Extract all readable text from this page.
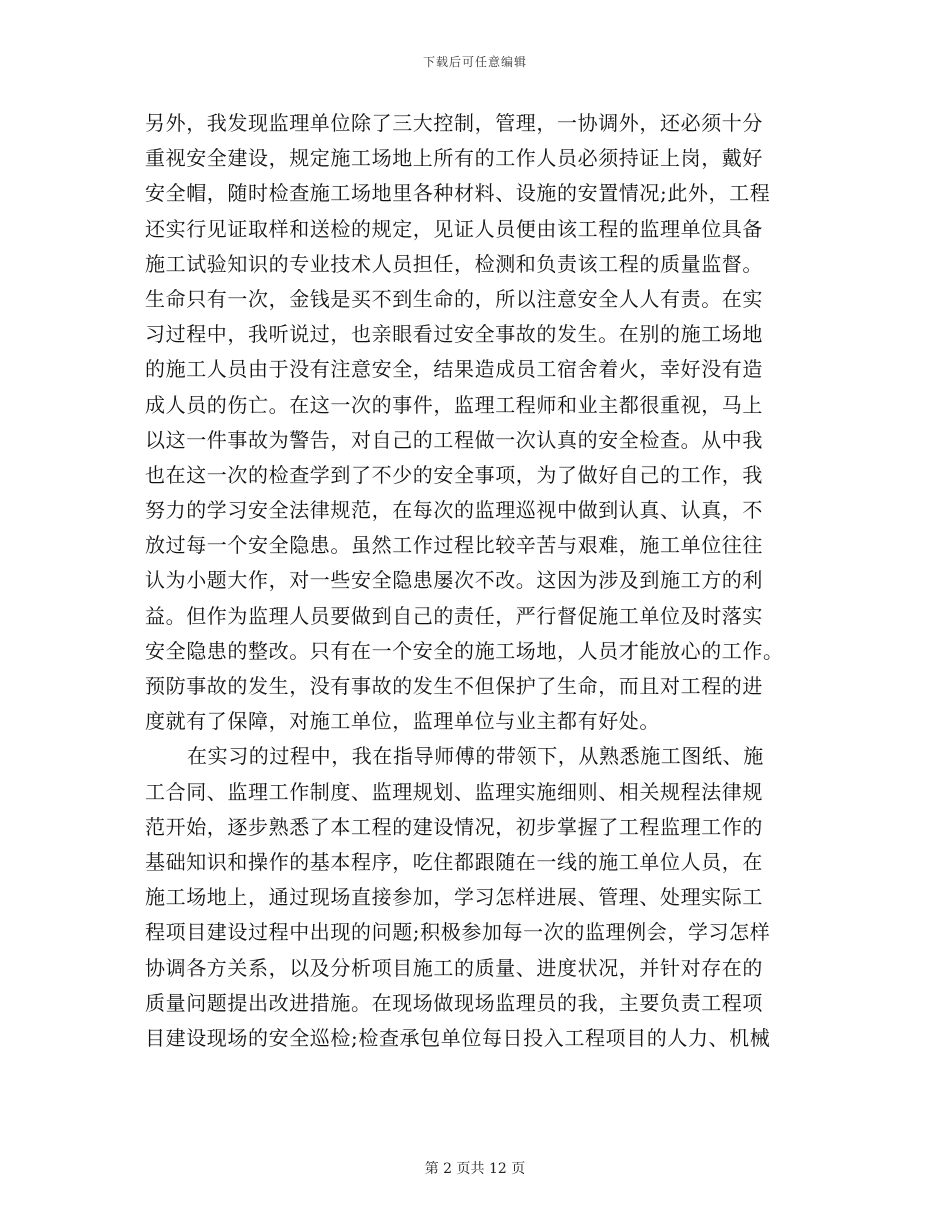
下载后可任意编辑
另外，我发现监理单位除了三大控制，管理，一协调外，还必须十分
重视安全建设，规定施工场地上所有的工作人员必须持证上岗，戴好
安全帽，随时检查施工场地里各种材料、设施的安置情况;此外，工程
还实行见证取样和送检的规定，见证人员便由该工程的监理单位具备
施工试验知识的专业技术人员担任，检测和负责该工程的质量监督。
生命只有一次，金钱是买不到生命的，所以注意安全人人有责。在实
习过程中，我听说过，也亲眼看过安全事故的发生。在别的施工场地
的施工人员由于没有注意安全，结果造成员工宿舍着火，幸好没有造
成人员的伤亡。在这一次的事件，监理工程师和业主都很重视，马上
以这一件事故为警告，对自己的工程做一次认真的安全检查。从中我
也在这一次的检查学到了不少的安全事项，为了做好自己的工作，我
努力的学习安全法律规范，在每次的监理巡视中做到认真、认真，不
放过每一个安全隐患。虽然工作过程比较辛苦与艰难，施工单位往往
认为小题大作，对一些安全隐患屡次不改。这因为涉及到施工方的利
益。但作为监理人员要做到自己的责任，严行督促施工单位及时落实
安全隐患的整改。只有在一个安全的施工场地，人员才能放心的工作。
预防事故的发生，没有事故的发生不但保护了生命，而且对工程的进
度就有了保障，对施工单位，监理单位与业主都有好处。
在实习的过程中，我在指导师傅的带领下，从熟悉施工图纸、施
工合同、监理工作制度、监理规划、监理实施细则、相关规程法律规
范开始，逐步熟悉了本工程的建设情况，初步掌握了工程监理工作的
基础知识和操作的基本程序，吃住都跟随在一线的施工单位人员，在
施工场地上，通过现场直接参加，学习怎样进展、管理、处理实际工
程项目建设过程中出现的问题;积极参加每一次的监理例会，学习怎样
协调各方关系，以及分析项目施工的质量、进度状况，并针对存在的
质量问题提出改进措施。在现场做现场监理员的我，主要负责工程项
目建设现场的安全巡检;检查承包单位每日投入工程项目的人力、机械
第 2 页共 12 页
